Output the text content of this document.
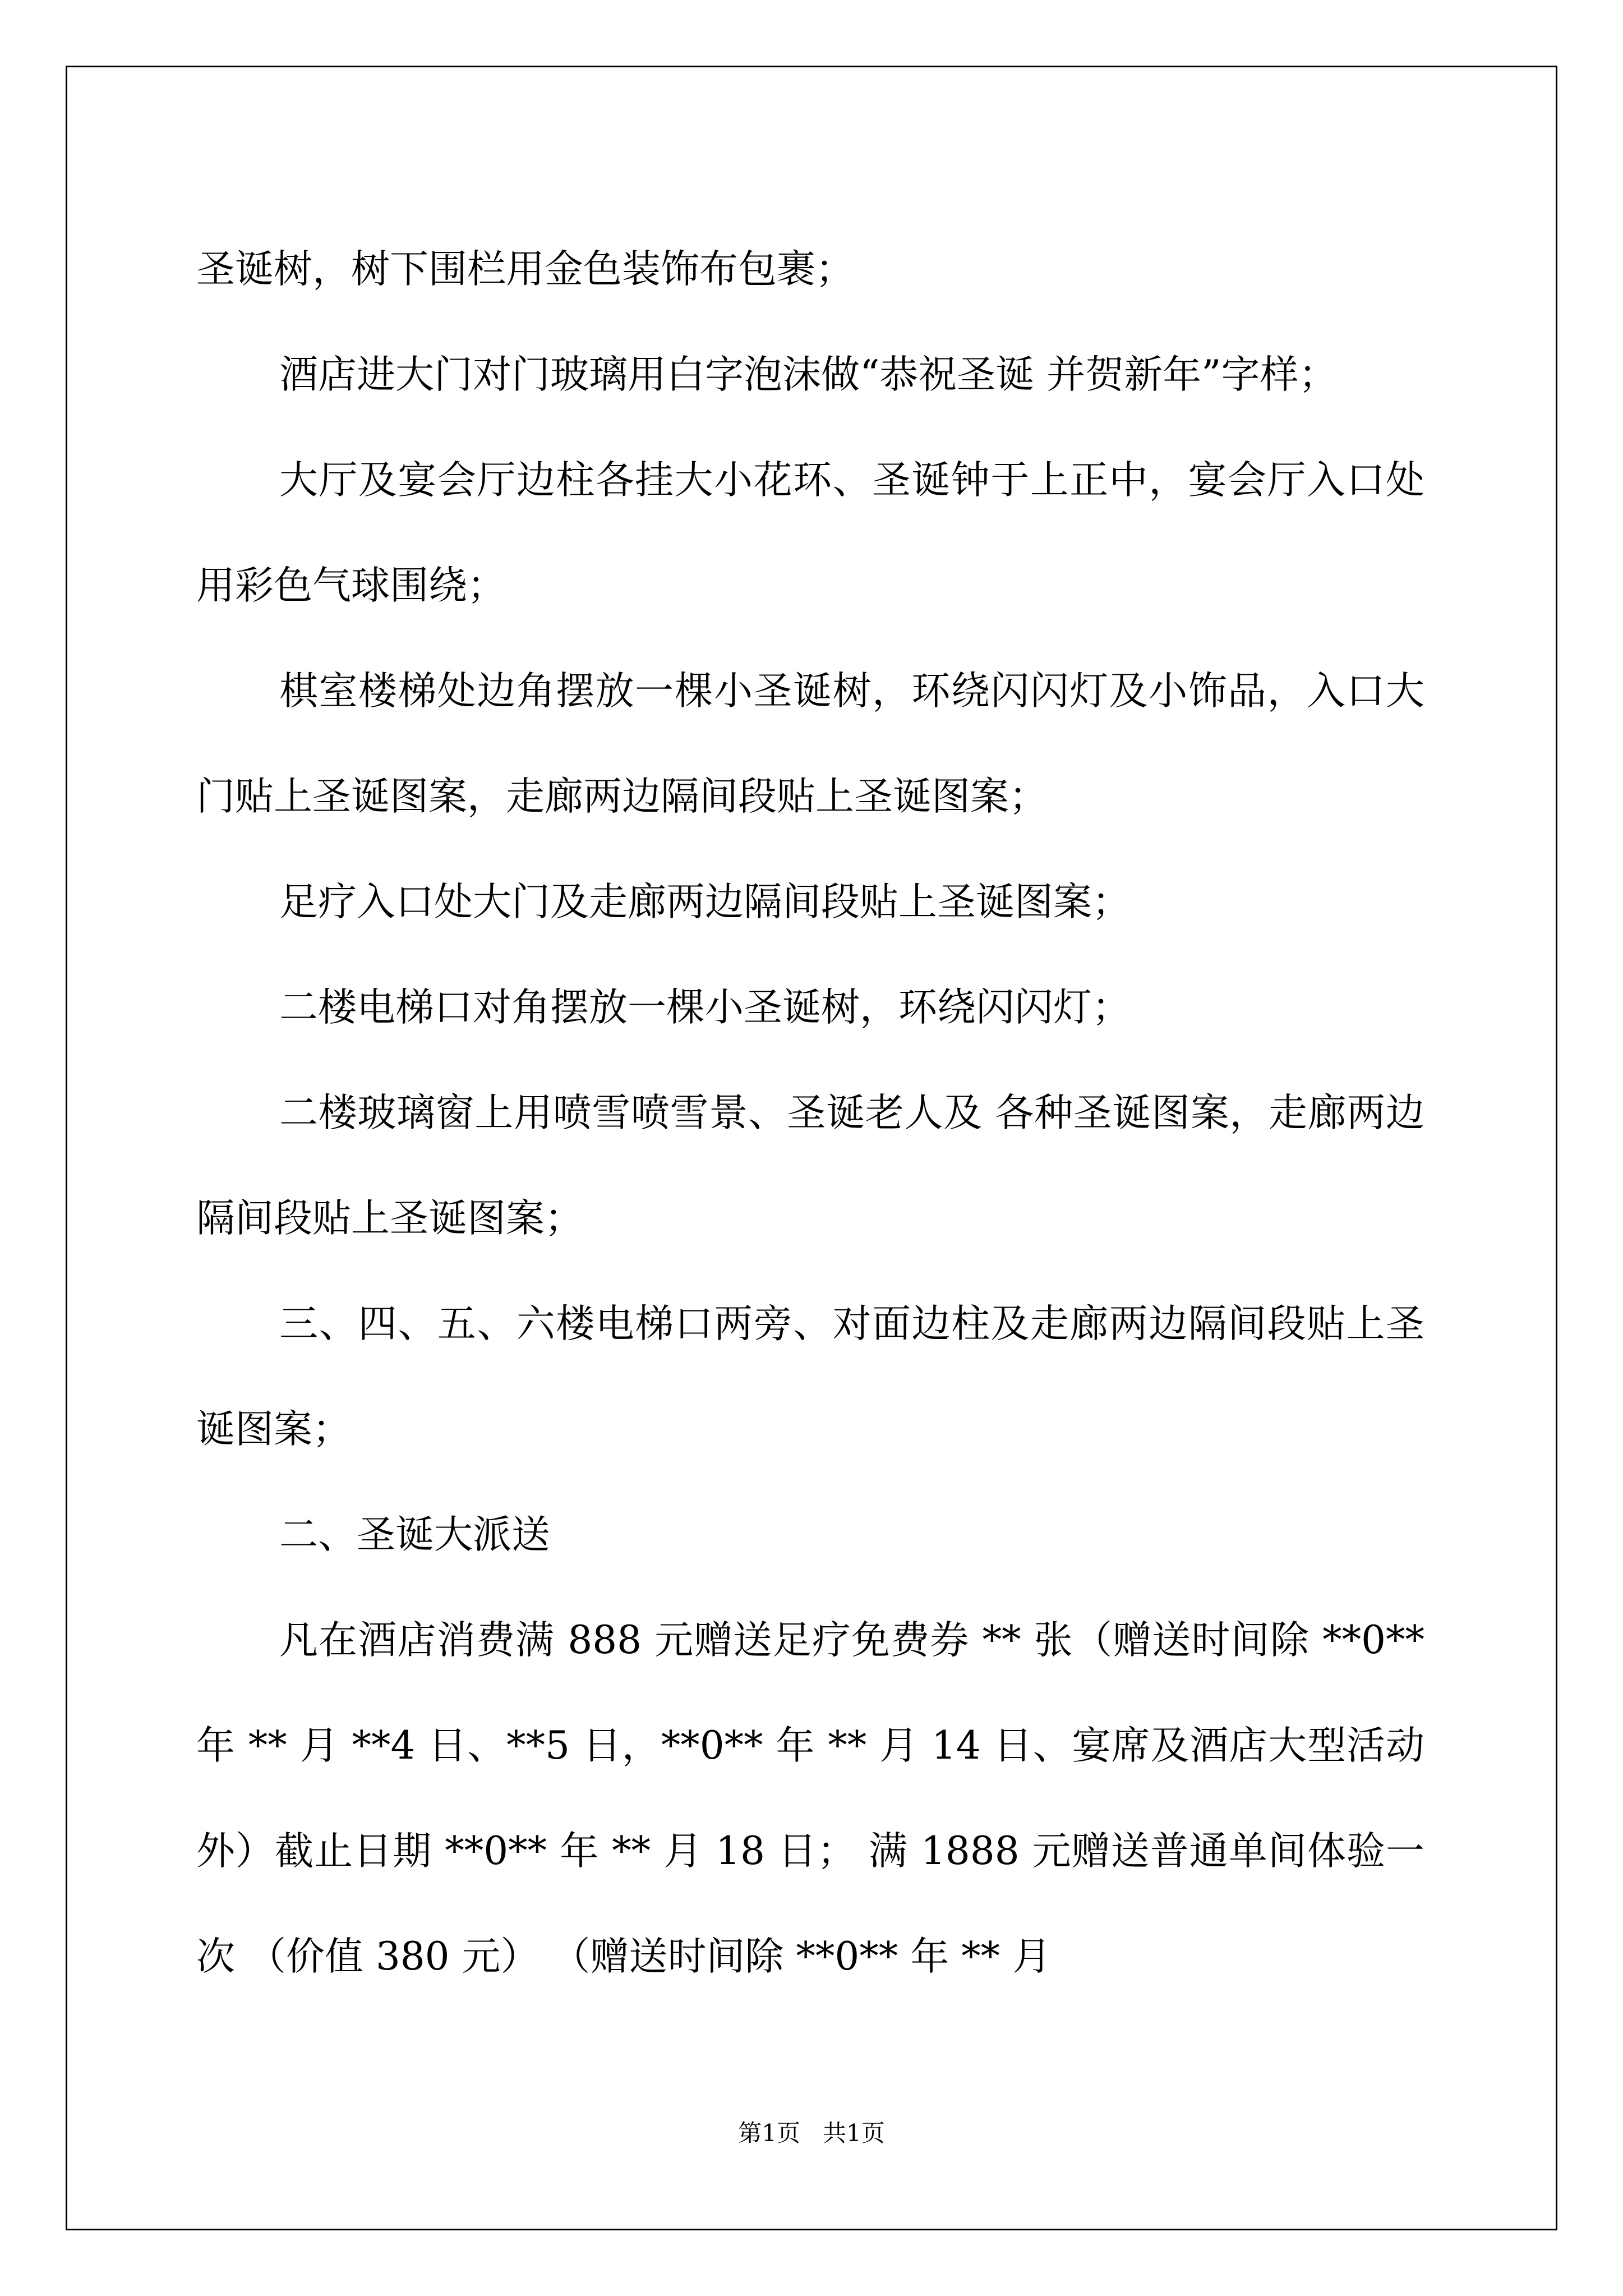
圣诞树，树下围栏用金色装饰布包裹；

酒店进大门对门玻璃用白字泡沫做“恭祝圣诞 并贺新年”字样；

大厅及宴会厅边柱各挂大小花环、圣诞钟于上正中，宴会厅入口处用彩色气球围绕；

棋室楼梯处边角摆放一棵小圣诞树，环绕闪闪灯及小饰品，入口大门贴上圣诞图案，走廊两边隔间段贴上圣诞图案；

足疗入口处大门及走廊两边隔间段贴上圣诞图案；

二楼电梯口对角摆放一棵小圣诞树，环绕闪闪灯；

二楼玻璃窗上用喷雪喷雪景、圣诞老人及 各种圣诞图案，走廊两边隔间段贴上圣诞图案；

三、四、五、六楼电梯口两旁、对面边柱及走廊两边隔间段贴上圣诞图案；

二、圣诞大派送

凡在酒店消费满 888 元赠送足疗免费券 ** 张（赠送时间除 **0** 年 ** 月 **4 日、**5 日，**0** 年 ** 月 14 日、宴席及酒店大型活动外）截止日期 **0** 年 ** 月 18 日； 满 1888 元赠送普通单间体验一次 （价值 380 元） （赠送时间除 **0** 年 ** 月

第1页   共1页
